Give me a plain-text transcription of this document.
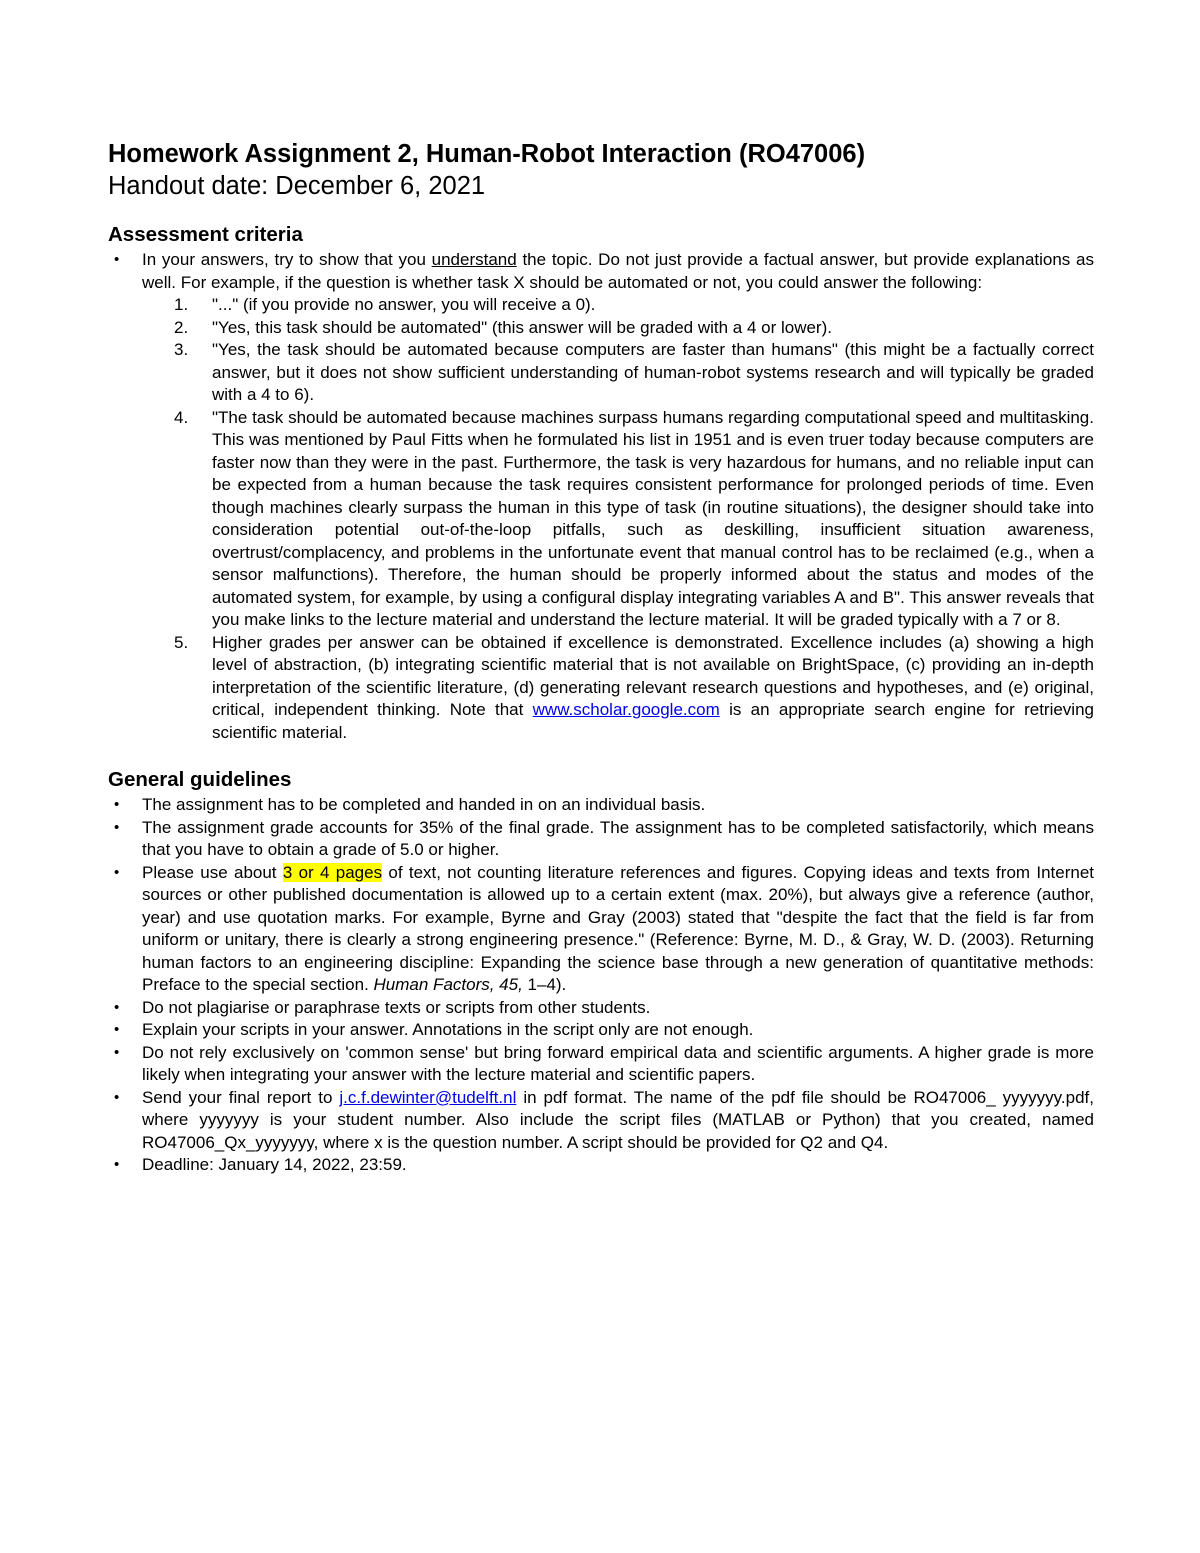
Homework Assignment 2, Human-Robot Interaction (RO47006)

Handout date: December 6, 2021

Assessment criteria
• In your answers, try to show that you understand the topic. Do not just provide a factual answer, but provide explanations as well. For example, if the question is whether task X should be automated or not, you could answer the following:
1. "..." (if you provide no answer, you will receive a 0).
2. "Yes, this task should be automated" (this answer will be graded with a 4 or lower).
3. "Yes, the task should be automated because computers are faster than humans" (this might be a factually correct answer, but it does not show sufficient understanding of human-robot systems research and will typically be graded with a 4 to 6).
4. "The task should be automated because machines surpass humans regarding computational speed and multitasking. This was mentioned by Paul Fitts when he formulated his list in 1951 and is even truer today because computers are faster now than they were in the past. Furthermore, the task is very hazardous for humans, and no reliable input can be expected from a human because the task requires consistent performance for prolonged periods of time. Even though machines clearly surpass the human in this type of task (in routine situations), the designer should take into consideration potential out-of-the-loop pitfalls, such as deskilling, insufficient situation awareness, overtrust/complacency, and problems in the unfortunate event that manual control has to be reclaimed (e.g., when a sensor malfunctions). Therefore, the human should be properly informed about the status and modes of the automated system, for example, by using a configural display integrating variables A and B". This answer reveals that you make links to the lecture material and understand the lecture material. It will be graded typically with a 7 or 8.
5. Higher grades per answer can be obtained if excellence is demonstrated. Excellence includes (a) showing a high level of abstraction, (b) integrating scientific material that is not available on BrightSpace, (c) providing an in-depth interpretation of the scientific literature, (d) generating relevant research questions and hypotheses, and (e) original, critical, independent thinking. Note that www.scholar.google.com is an appropriate search engine for retrieving scientific material.
General guidelines
• The assignment has to be completed and handed in on an individual basis.
• The assignment grade accounts for 35% of the final grade. The assignment has to be completed satisfactorily, which means that you have to obtain a grade of 5.0 or higher.
• Please use about 3 or 4 pages of text, not counting literature references and figures. Copying ideas and texts from Internet sources or other published documentation is allowed up to a certain extent (max. 20%), but always give a reference (author, year) and use quotation marks. For example, Byrne and Gray (2003) stated that "despite the fact that the field is far from uniform or unitary, there is clearly a strong engineering presence." (Reference: Byrne, M. D., & Gray, W. D. (2003). Returning human factors to an engineering discipline: Expanding the science base through a new generation of quantitative methods: Preface to the special section. Human Factors, 45, 1–4).
• Do not plagiarise or paraphrase texts or scripts from other students.
• Explain your scripts in your answer. Annotations in the script only are not enough.
• Do not rely exclusively on 'common sense' but bring forward empirical data and scientific arguments. A higher grade is more likely when integrating your answer with the lecture material and scientific papers.
• Send your final report to j.c.f.dewinter@tudelft.nl in pdf format. The name of the pdf file should be RO47006_ yyyyyyy.pdf, where yyyyyyy is your student number. Also include the script files (MATLAB or Python) that you created, named RO47006_Qx_yyyyyyy, where x is the question number. A script should be provided for Q2 and Q4.
• Deadline: January 14, 2022, 23:59.
